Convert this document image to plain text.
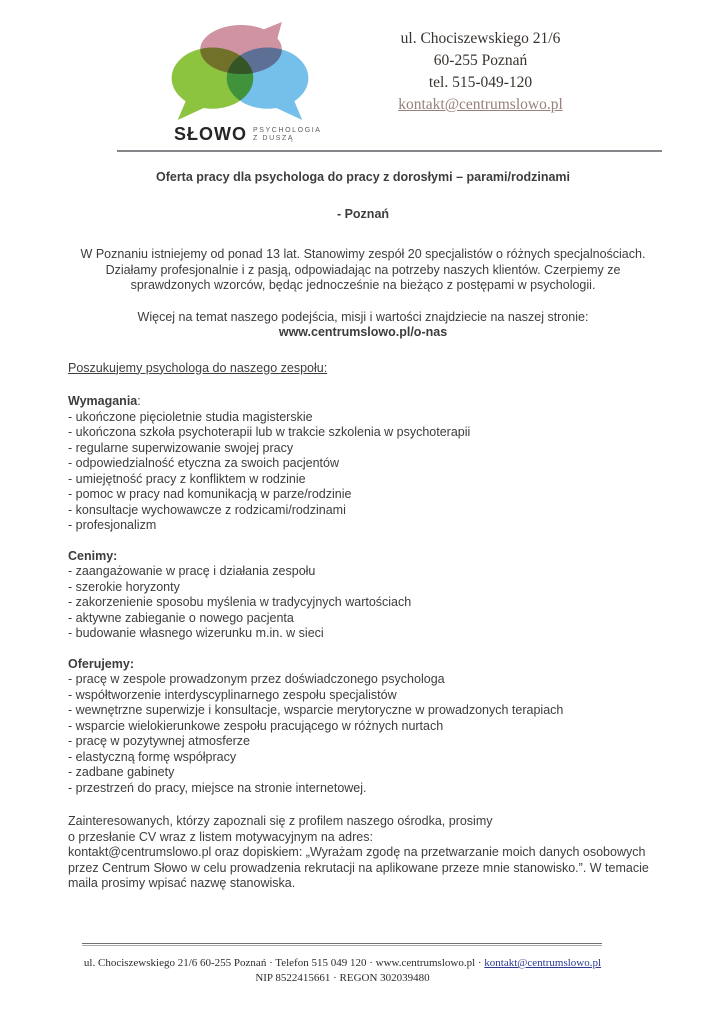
SŁOWO PSYCHOLOGIA
Z DUSZĄ
ul. Chociszewskiego 21/6
60-255 Poznań
tel. 515-049-120
kontakt@centrumslowo.pl

Oferta pracy dla psychologa do pracy z dorosłymi – parami/rodzinami

- Poznań

W Poznaniu istniejemy od ponad 13 lat. Stanowimy zespół 20 specjalistów o różnych specjalnościach. Działamy profesjonalnie i z pasją, odpowiadając na potrzeby naszych klientów. Czerpiemy ze sprawdzonych wzorców, będąc jednocześnie na bieżąco z postępami w psychologii.

Więcej na temat naszego podejścia, misji i wartości znajdziecie na naszej stronie:
www.centrumslowo.pl/o-nas

Poszukujemy psychologa do naszego zespołu:

Wymagania:
- ukończone pięcioletnie studia magisterskie
- ukończona szkoła psychoterapii lub w trakcie szkolenia w psychoterapii
- regularne superwizowanie swojej pracy
- odpowiedzialność etyczna za swoich pacjentów
- umiejętność pracy z konfliktem w rodzinie
- pomoc w pracy nad komunikacją w parze/rodzinie
- konsultacje wychowawcze z rodzicami/rodzinami
- profesjonalizm
Cenimy:
- zaangażowanie w pracę i działania zespołu
- szerokie horyzonty
- zakorzenienie sposobu myślenia w tradycyjnych wartościach
- aktywne zabieganie o nowego pacjenta
- budowanie własnego wizerunku m.in. w sieci
Oferujemy:
- pracę w zespole prowadzonym przez doświadczonego psychologa
- współtworzenie interdyscyplinarnego zespołu specjalistów
- wewnętrzne superwizje i konsultacje, wsparcie merytoryczne w prowadzonych terapiach
- wsparcie wielokierunkowe zespołu pracującego w różnych nurtach
- pracę w pozytywnej atmosferze
- elastyczną formę współpracy
- zadbane gabinety
- przestrzeń do pracy, miejsce na stronie internetowej.

Zainteresowanych, którzy zapoznali się z profilem naszego ośrodka, prosimy
o przesłanie CV wraz z listem motywacyjnym na adres:
kontakt@centrumslowo.pl oraz dopiskiem: „Wyrażam zgodę na przetwarzanie moich danych osobowych przez Centrum Słowo w celu prowadzenia rekrutacji na aplikowane przeze mnie stanowisko.”. W temacie maila prosimy wpisać nazwę stanowiska.

ul. Chociszewskiego 21/6 60-255 Poznań · Telefon 515 049 120 · www.centrumslowo.pl · kontakt@centrumslowo.pl
NIP 8522415661 · REGON 302039480
